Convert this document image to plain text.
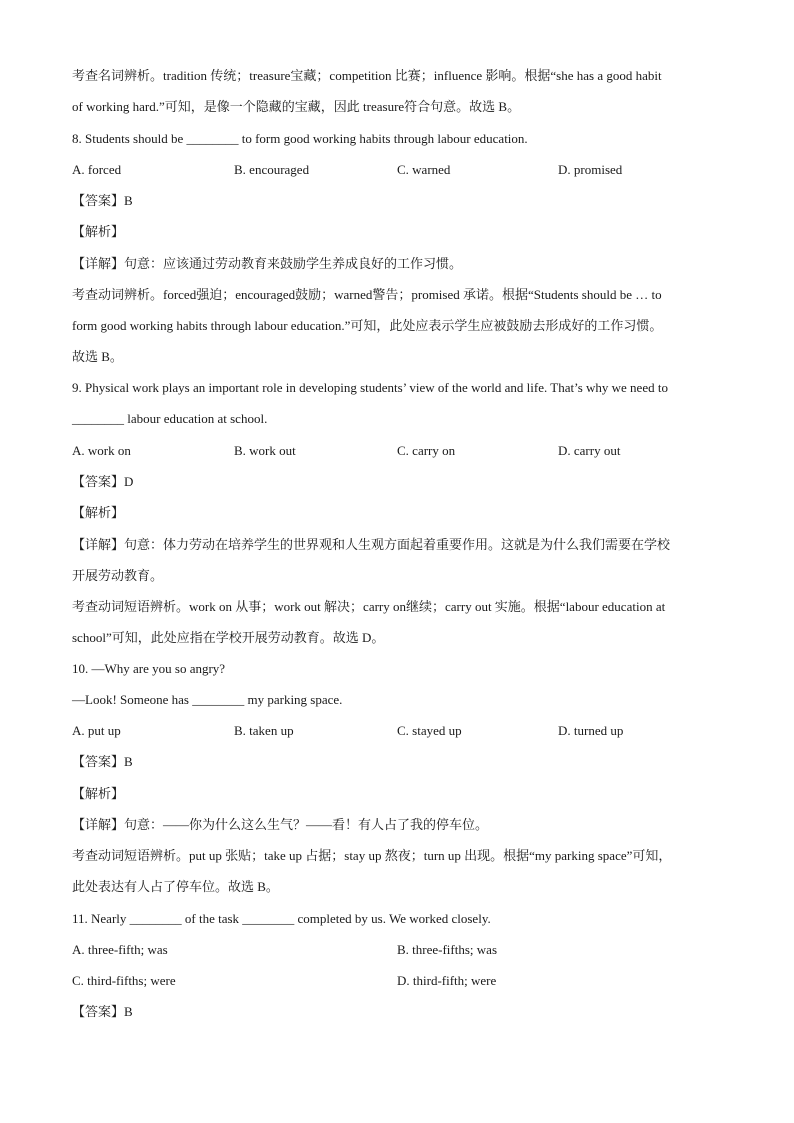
考查名词辨析。tradition 传统；treasure宝藏；competition 比赛；influence 影响。根据“she has a good habit
of working hard.”可知，是像一个隐藏的宝藏，因此 treasure符合句意。故选 B。
8. Students should be ________ to form good working habits through labour education.
A. forced	B. encouraged	C. warned	D. promised
【答案】B
【解析】
【详解】句意：应该通过劳动教育来鼓励学生养成良好的工作习惯。
考查动词辨析。forced强迫；encouraged鼓励；warned警告；promised 承诺。根据“Students should be … to
form good working habits through labour education.”可知，此处应表示学生应被鼓励去形成好的工作习惯。
故选 B。
9. Physical work plays an important role in developing students’ view of the world and life. That’s why we need to
________ labour education at school.
A. work on	B. work out	C. carry on	D. carry out
【答案】D
【解析】
【详解】句意：体力劳动在培养学生的世界观和人生观方面起着重要作用。这就是为什么我们需要在学校
开展劳动教育。
考查动词短语辨析。work on 从事；work out 解决；carry on继续；carry out 实施。根据“labour education at
school”可知，此处应指在学校开展劳动教育。故选 D。
10. —Why are you so angry?
—Look! Someone has ________ my parking space.
A. put up	B. taken up	C. stayed up	D. turned up
【答案】B
【解析】
【详解】句意：——你为什么这么生气？——看！有人占了我的停车位。
考查动词短语辨析。put up 张贴；take up 占据；stay up 熬夜；turn up 出现。根据“my parking space”可知，
此处表达有人占了停车位。故选 B。
11. Nearly ________ of the task ________ completed by us. We worked closely.
A. three-fifth; was	B. three-fifths; was
C. third-fifths; were	D. third-fifth; were
【答案】B
